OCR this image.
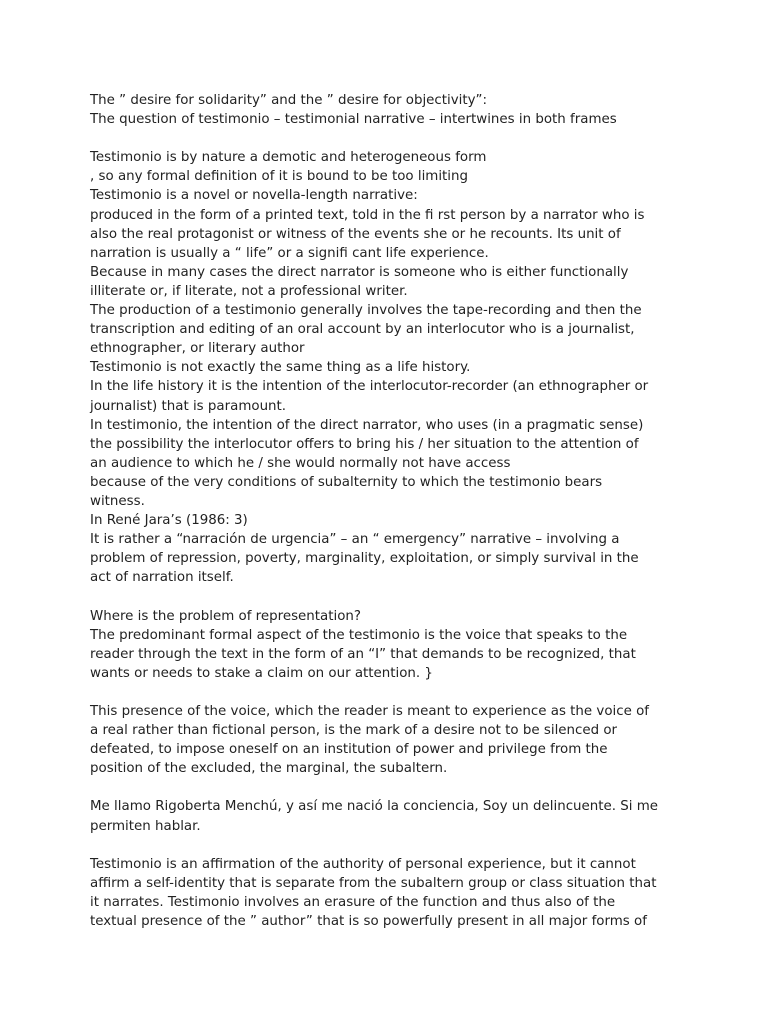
The ” desire for solidarity” and the ” desire for objectivity”:
The question of testimonio – testimonial narrative – intertwines in both frames
Testimonio is by nature a demotic and heterogeneous form
, so any formal definition of it is bound to be too limiting
Testimonio is a novel or novella-length narrative:
produced in the form of a printed text, told in the fi rst person by a narrator who is
also the real protagonist or witness of the events she or he recounts. Its unit of
narration is usually a “ life” or a signifi cant life experience.
Because in many cases the direct narrator is someone who is either functionally
illiterate or, if literate, not a professional writer.
The production of a testimonio generally involves the tape-recording and then the
transcription and editing of an oral account by an interlocutor who is a journalist,
ethnographer, or literary author
Testimonio is not exactly the same thing as a life history.
In the life history it is the intention of the interlocutor-recorder (an ethnographer or
journalist) that is paramount.
In testimonio, the intention of the direct narrator, who uses (in a pragmatic sense)
the possibility the interlocutor offers to bring his / her situation to the attention of
an audience to which he / she would normally not have access
because of the very conditions of subalternity to which the testimonio bears
witness.
In René Jara’s (1986: 3)
It is rather a “narración de urgencia” – an “ emergency” narrative – involving a
problem of repression, poverty, marginality, exploitation, or simply survival in the
act of narration itself.
Where is the problem of representation?
The predominant formal aspect of the testimonio is the voice that speaks to the
reader through the text in the form of an “I” that demands to be recognized, that
wants or needs to stake a claim on our attention. }
This presence of the voice, which the reader is meant to experience as the voice of
a real rather than fictional person, is the mark of a desire not to be silenced or
defeated, to impose oneself on an institution of power and privilege from the
position of the excluded, the marginal, the subaltern.
Me llamo Rigoberta Menchú, y así me nació la conciencia, Soy un delincuente. Si me
permiten hablar.
Testimonio is an affirmation of the authority of personal experience, but it cannot
affirm a self-identity that is separate from the subaltern group or class situation that
it narrates. Testimonio involves an erasure of the function and thus also of the
textual presence of the ” author” that is so powerfully present in all major forms of
